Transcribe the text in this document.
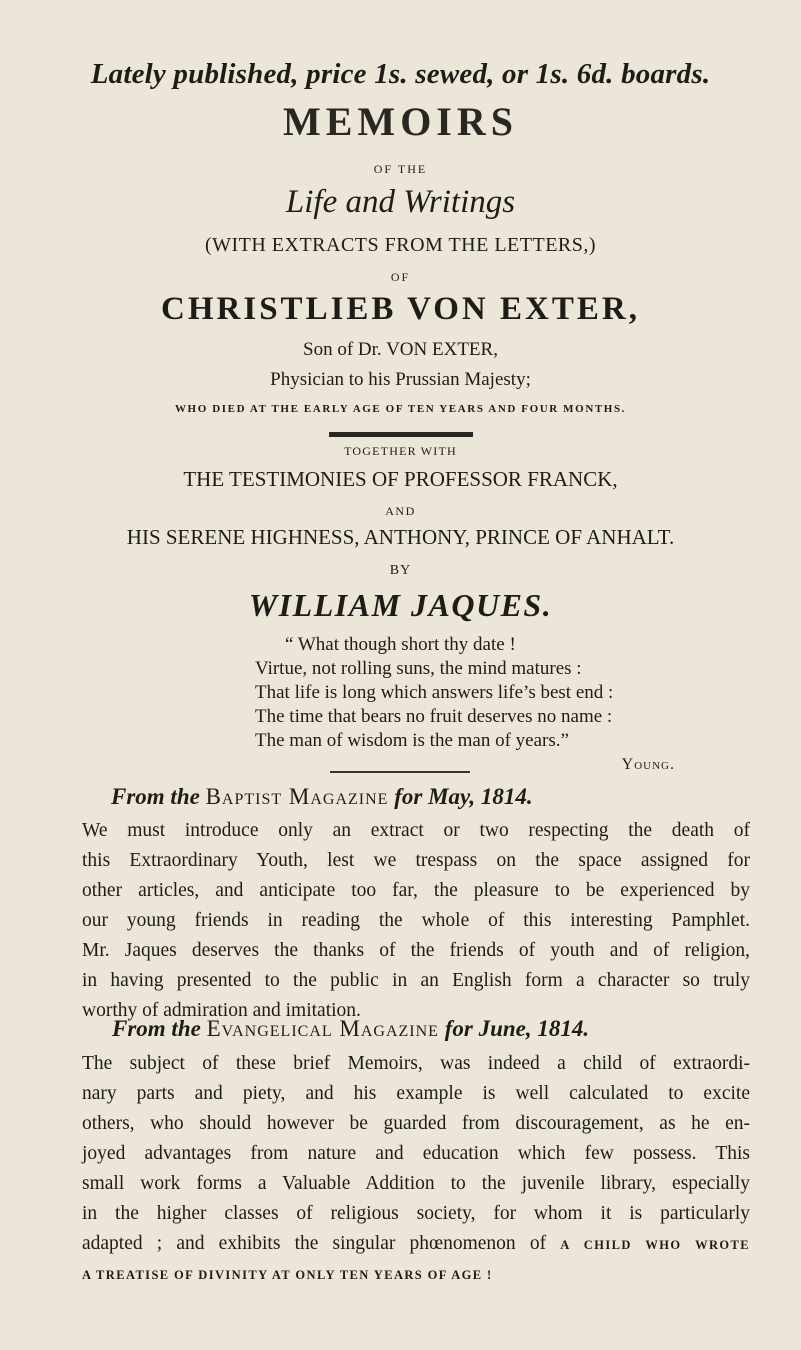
Lately published, price 1s. sewed, or 1s. 6d. boards.
MEMOIRS
OF THE
Life and Writings
(WITH EXTRACTS FROM THE LETTERS,)
OF
CHRISTLIEB VON EXTER,
Son of Dr. VON EXTER,
Physician to his Prussian Majesty;
WHO DIED AT THE EARLY AGE OF TEN YEARS AND FOUR MONTHS.
TOGETHER WITH
THE TESTIMONIES OF PROFESSOR FRANCK,
AND
HIS SERENE HIGHNESS, ANTHONY, PRINCE OF ANHALT.
BY
WILLIAM JAQUES.
“ What though short thy date !
Virtue, not rolling suns, the mind matures :
That life is long which answers life’s best end :
The time that bears no fruit deserves no name :
The man of wisdom is the man of years.”
Young.
From the Baptist Magazine for May, 1814.
We must introduce only an extract or two respecting the death of
this Extraordinary Youth, lest we trespass on the space assigned for
other articles, and anticipate too far, the pleasure to be experienced by
our young friends in reading the whole of this interesting Pamphlet.
Mr. Jaques deserves the thanks of the friends of youth and of religion,
in having presented to the public in an English form a character so truly
worthy of admiration and imitation.
From the Evangelical Magazine for June, 1814.
The subject of these brief Memoirs, was indeed a child of extraordi-
nary parts and piety, and his example is well calculated to excite
others, who should however be guarded from discouragement, as he en-
joyed advantages from nature and education which few possess. This
small work forms a Valuable Addition to the juvenile library, especially
in the higher classes of religious society, for whom it is particularly
adapted ; and exhibits the singular phœnomenon of A CHILD WHO WROTE
A TREATISE OF DIVINITY AT ONLY TEN YEARS OF AGE !
